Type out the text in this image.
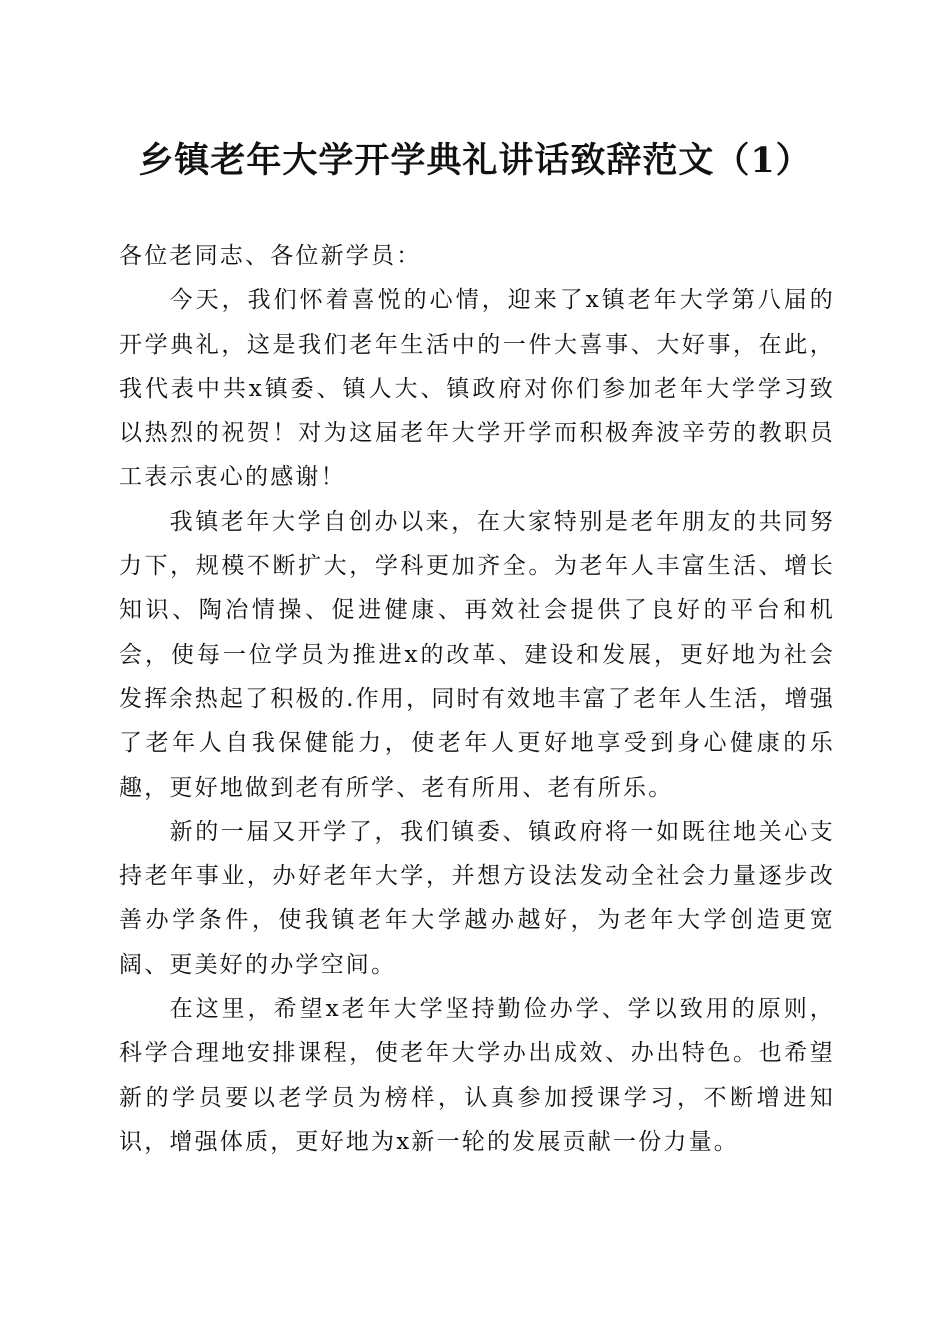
乡镇老年大学开学典礼讲话致辞范文（1）

各位老同志、各位新学员：

今天，我们怀着喜悦的心情，迎来了x镇老年大学第八届的开学典礼，这是我们老年生活中的一件大喜事、大好事，在此，我代表中共x镇委、镇人大、镇政府对你们参加老年大学学习致以热烈的祝贺！对为这届老年大学开学而积极奔波辛劳的教职员工表示衷心的感谢！

我镇老年大学自创办以来，在大家特别是老年朋友的共同努力下，规模不断扩大，学科更加齐全。为老年人丰富生活、增长知识、陶冶情操、促进健康、再效社会提供了良好的平台和机会，使每一位学员为推进x的改革、建设和发展，更好地为社会发挥余热起了积极的.作用，同时有效地丰富了老年人生活，增强了老年人自我保健能力，使老年人更好地享受到身心健康的乐趣，更好地做到老有所学、老有所用、老有所乐。

新的一届又开学了，我们镇委、镇政府将一如既往地关心支持老年事业，办好老年大学，并想方设法发动全社会力量逐步改善办学条件，使我镇老年大学越办越好，为老年大学创造更宽阔、更美好的办学空间。

在这里，希望x老年大学坚持勤俭办学、学以致用的原则，科学合理地安排课程，使老年大学办出成效、办出特色。也希望新的学员要以老学员为榜样，认真参加授课学习，不断增进知识，增强体质，更好地为x新一轮的发展贡献一份力量。
